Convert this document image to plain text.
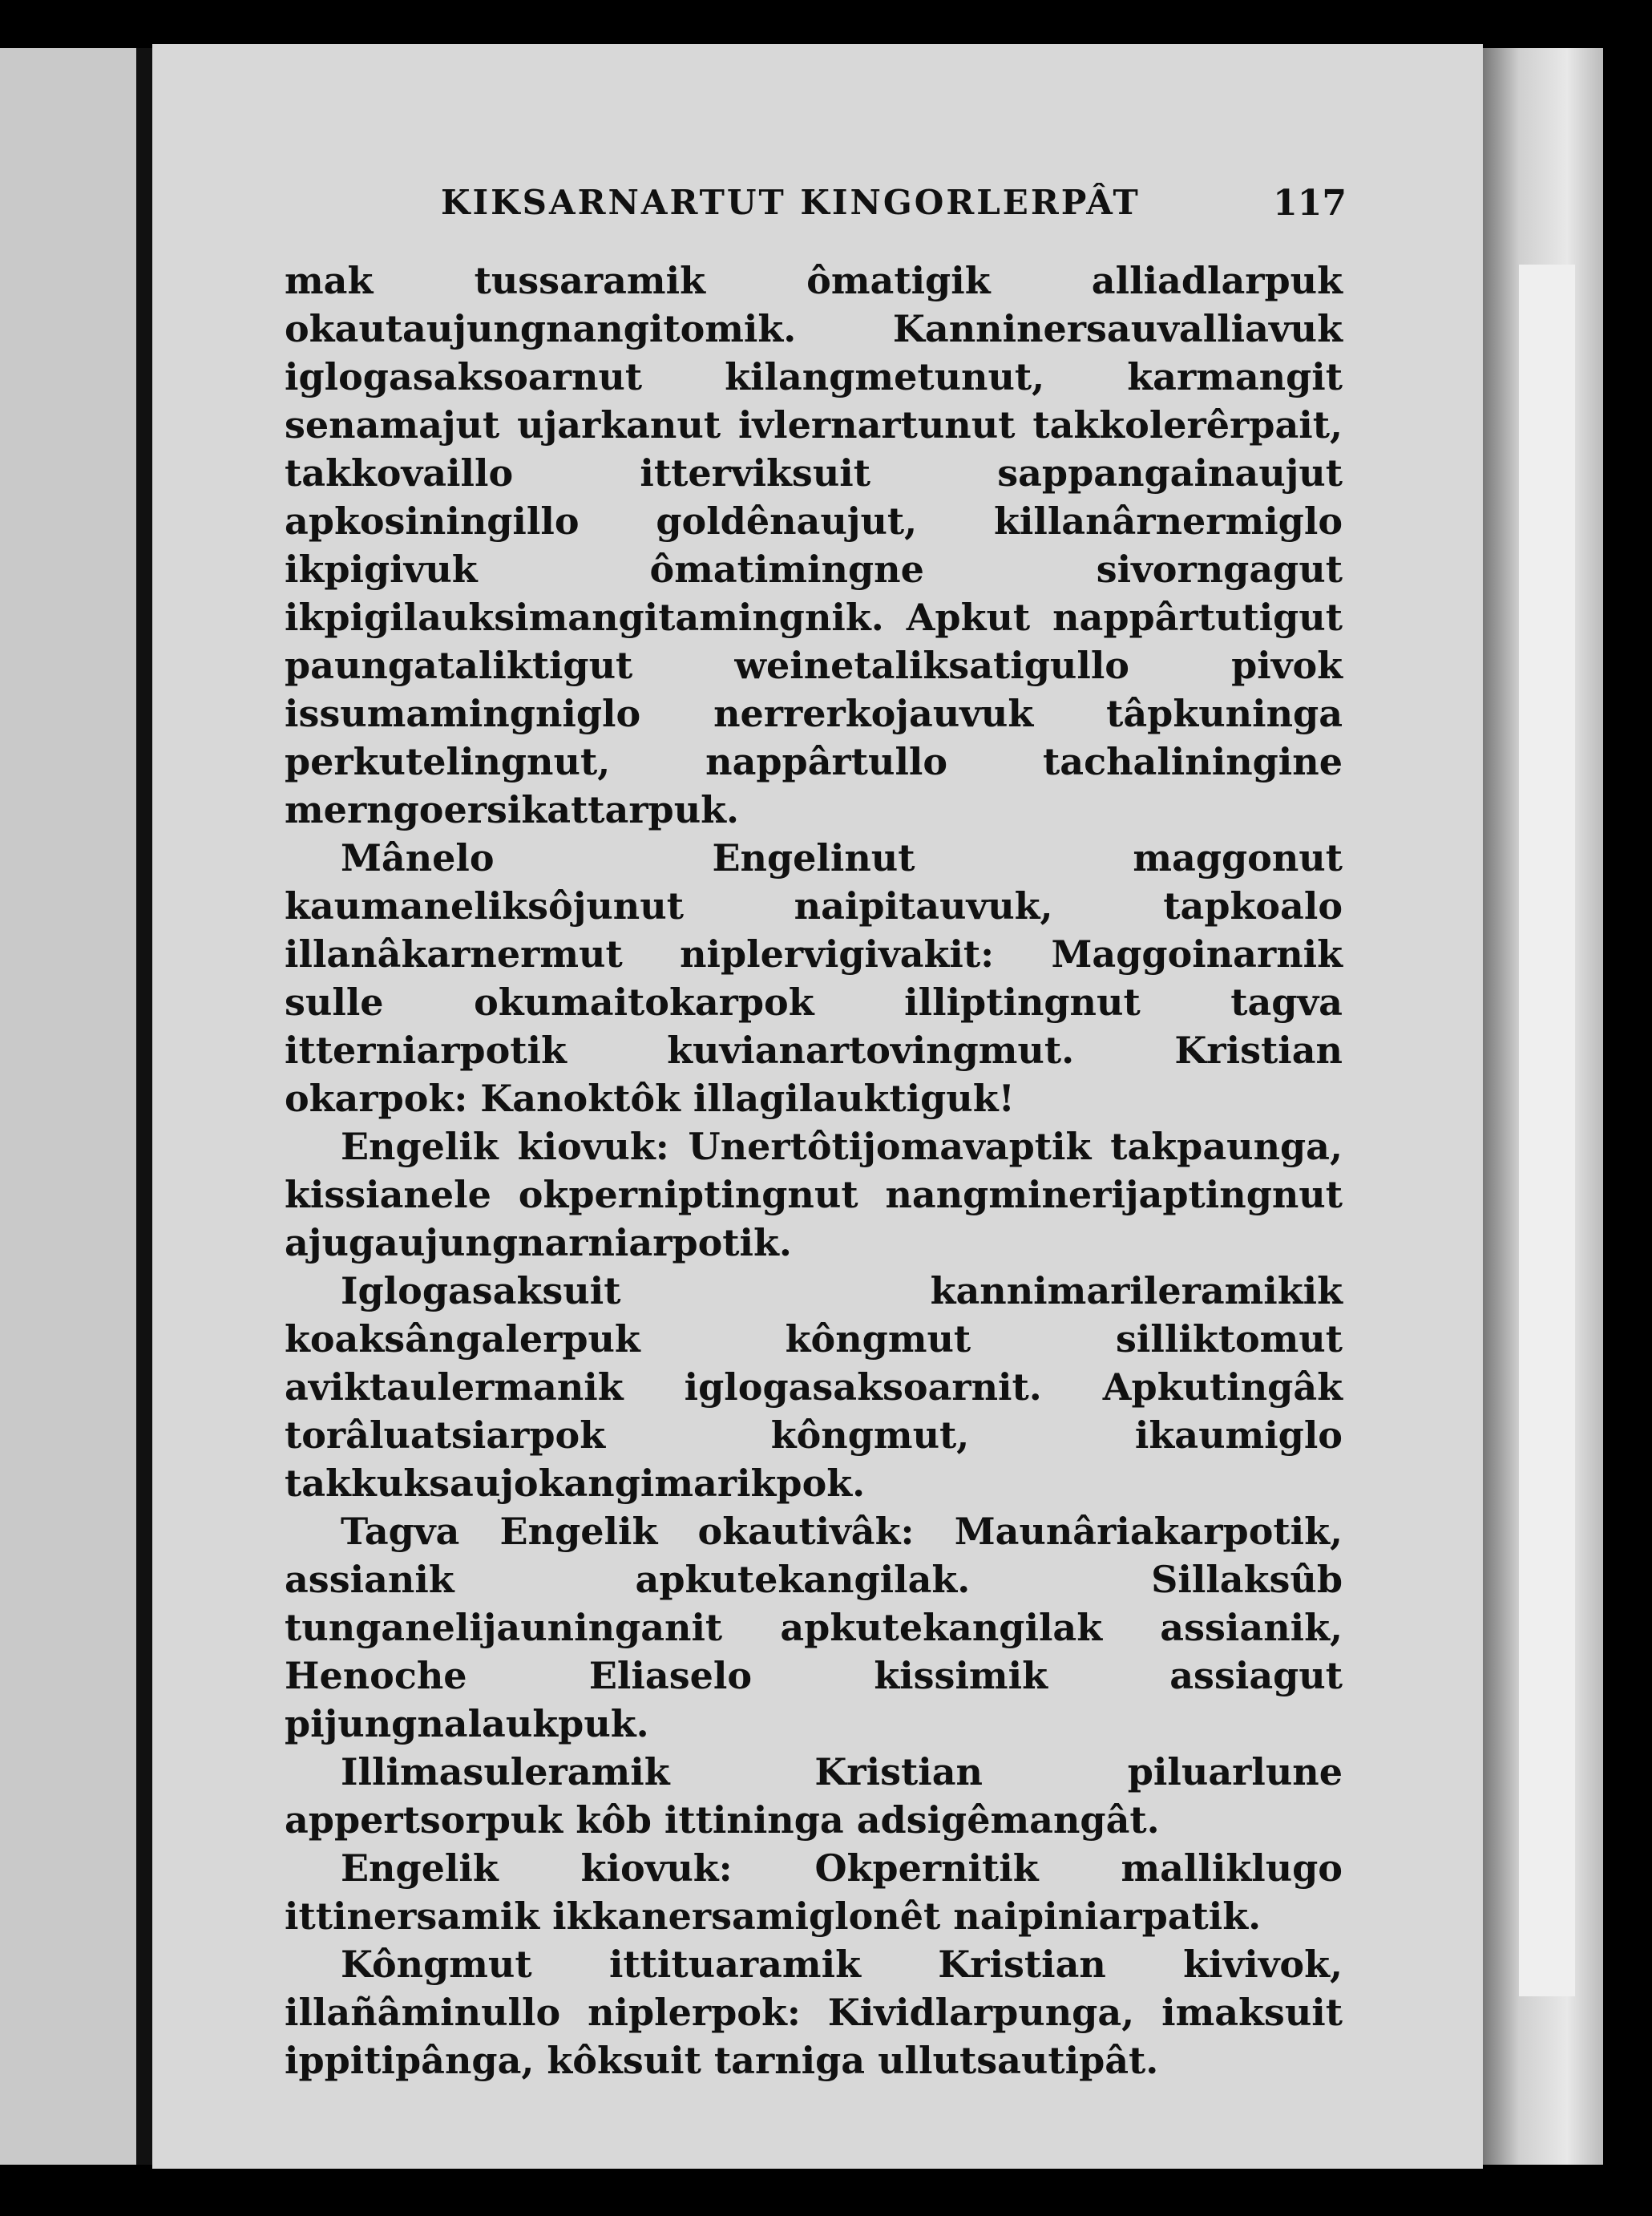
KIKSARNARTUT KINGORLERPÂT	117

mak tussaramik ômatigik alliadlarpuk okautaujungnangitomik. Kanninersauvalliavuk iglogasaksoarnut kilangmetunut, karmangit senamajut ujarkanut ivlernartunut takkolerêrpait, takkovaillo itterviksuit sappangainaujut apkosiningillo goldênaujut, killanârnermiglo ikpigivuk ômatimingne sivorngagut ikpigilauksimangitamingnik. Apkut nappârtutigut paungataliktigut weinetaliksatigullo pivok issumamingniglo nerrerkojauvuk tâpkuninga perkutelingnut, nappârtullo tachaliningine merngoersikattarpuk.

Mânelo Engelinut maggonut kaumaneliksôjunut naipitauvuk, tapkoalo illanâkarnermut niplervigivakit: Maggoinarnik sulle okumaitokarpok illiptingnut tagva itterniarpotik kuvianartovingmut. Kristian okarpok: Kanoktôk illagilauktiguk!

Engelik kiovuk: Unertôtijomavaptik takpaunga, kissianele okperniptingnut nangminerijaptingnut ajugaujungnarniarpotik.

Iglogasaksuit kannimarileramikik koaksângalerpuk kôngmut silliktomut aviktaulermanik iglogasaksoarnit. Apkutingâk torâluatsiarpok kôngmut, ikaumiglo takkuksaujokangimarikpok.

Tagva Engelik okautivâk: Maunâriakarpotik, assianik apkutekangilak. Sillaksûb tunganelijauninganit apkutekangilak assianik, Henoche Eliaselo kissimik assiagut pijungnalaukpuk.

Illimasuleramik Kristian piluarlune appertsorpuk kôb ittininga adsigêmangât.

Engelik kiovuk: Okpernitik malliklugo ittinersamik ikkanersamiglonêt naipiniarpatik.

Kôngmut ittituaramik Kristian kivivok, illañâminullo niplerpok: Kividlarpunga, imaksuit ippitipânga, kôksuit tarniga ullutsautipât.
